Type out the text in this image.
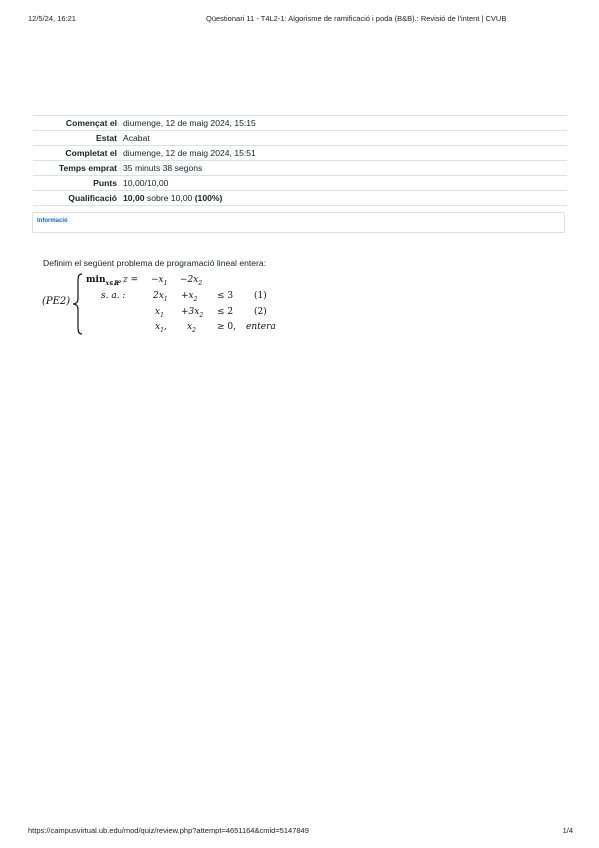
12/5/24, 16:21	Qüestionari 11 - T4L2-1: Algorisme de ramificació i poda (B&B).: Revisió de l'intent | CVUB
Començat el	diumenge, 12 de maig 2024, 15:15
Estat	Acabat
Completat el	diumenge, 12 de maig 2024, 15:51
Temps emprat	35 minuts 38 segons
Punts	10,00/10,00
Qualificació	10,00 sobre 10,00 (100%)
Informació
Definim el següent problema de programació lineal entera:
(PE2)
$\min_{x\in ℝ^2} z = -x_1 -2x_2$
s. a. :	$2x_1 +x_2 \le 3$ (1)
$x_1 +3x_2 \le 2$ (2)
$x_1$, $x_2 \ge 0$, entera
https://campusvirtual.ub.edu/mod/quiz/review.php?attempt=4651164&cmid=5147849	1/4
